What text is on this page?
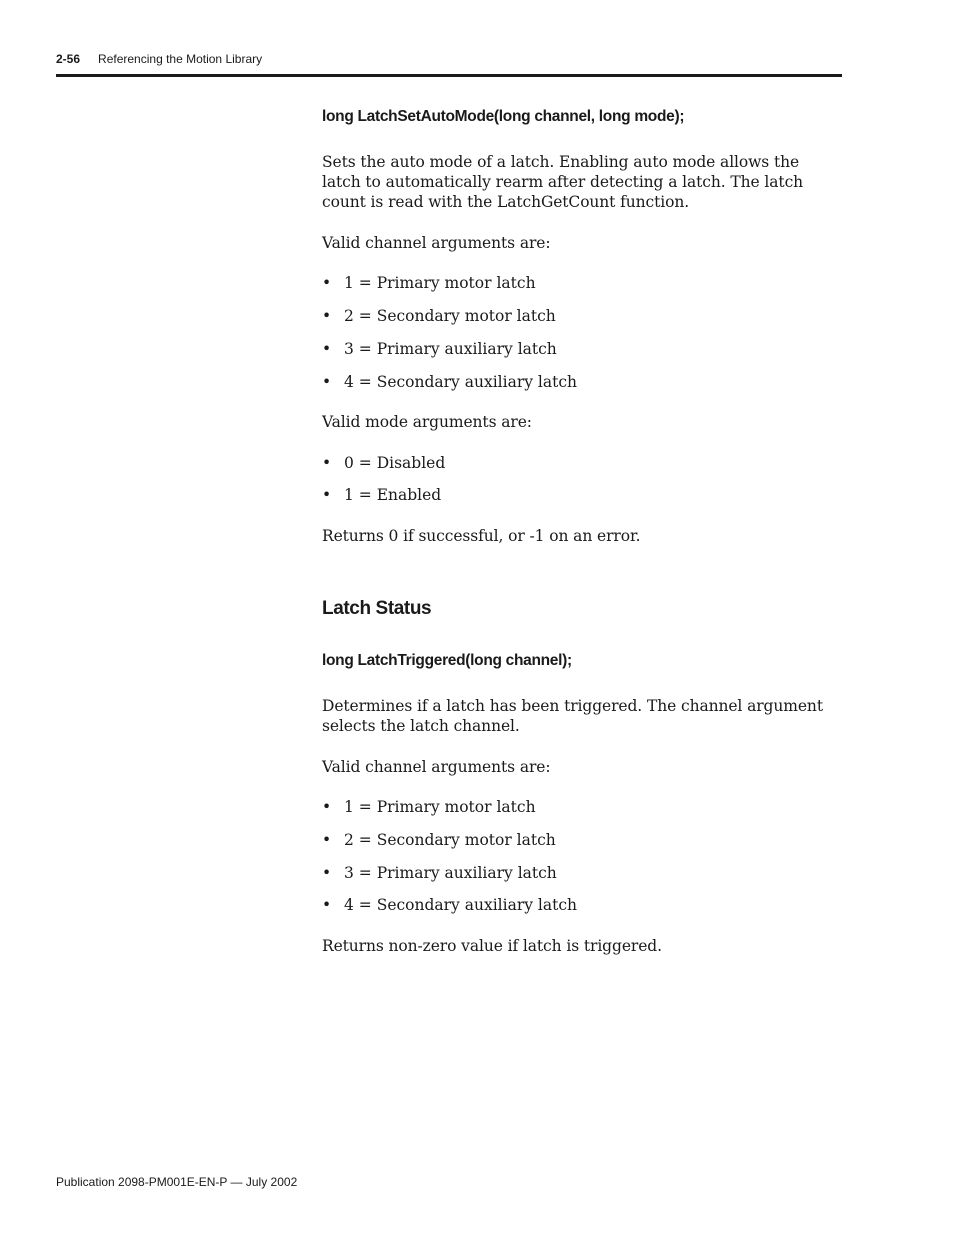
2-56 Referencing the Motion Library
long LatchSetAutoMode(long channel, long mode);
Sets the auto mode of a latch. Enabling auto mode allows the latch to automatically rearm after detecting a latch. The latch count is read with the LatchGetCount function.
Valid channel arguments are:
• 1 = Primary motor latch
• 2 = Secondary motor latch
• 3 = Primary auxiliary latch
• 4 = Secondary auxiliary latch
Valid mode arguments are:
• 0 = Disabled
• 1 = Enabled
Returns 0 if successful, or -1 on an error.
Latch Status
long LatchTriggered(long channel);
Determines if a latch has been triggered. The channel argument selects the latch channel.
Valid channel arguments are:
• 1 = Primary motor latch
• 2 = Secondary motor latch
• 3 = Primary auxiliary latch
• 4 = Secondary auxiliary latch
Returns non-zero value if latch is triggered.
Publication 2098-PM001E-EN-P — July 2002
